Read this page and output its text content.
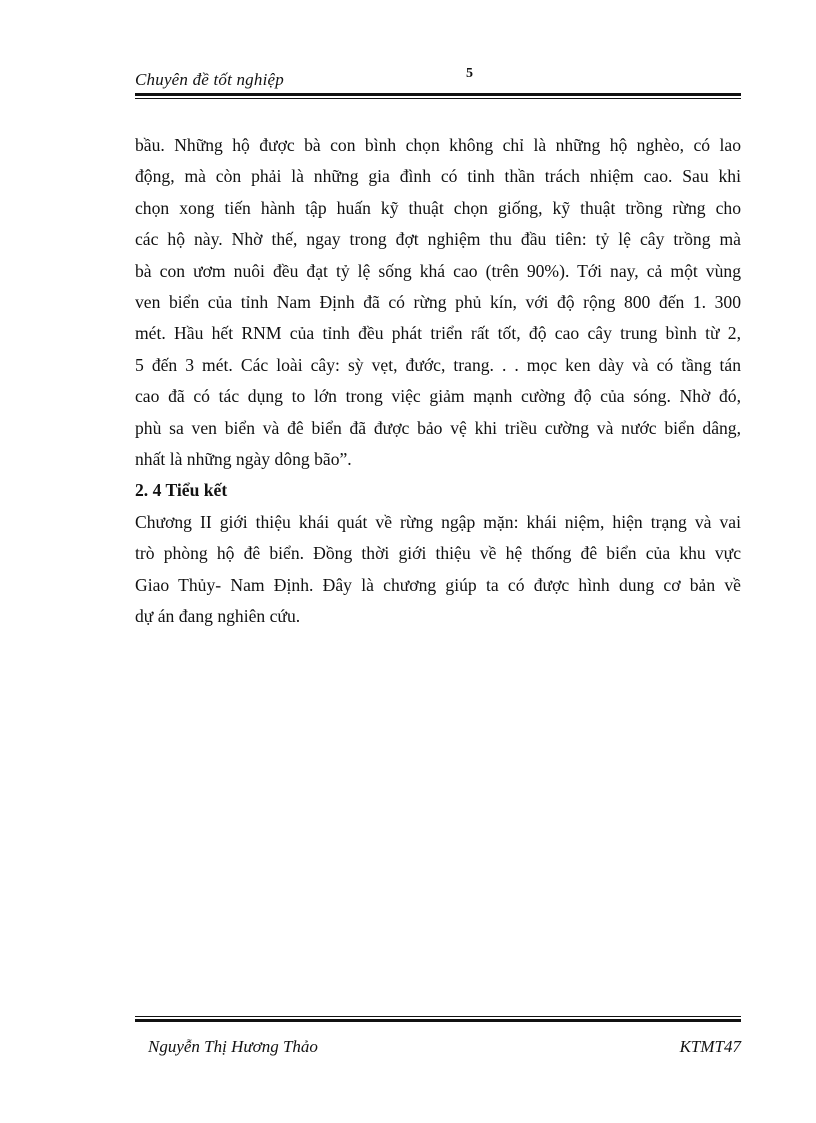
Chuyên đề tốt nghiệp	5

bầu. Những hộ được bà con bình chọn không chỉ là những hộ nghèo, có lao
động, mà còn phải là những gia đình có tinh thần trách nhiệm cao. Sau khi
chọn xong tiến hành tập huấn kỹ thuật chọn giống, kỹ thuật trồng rừng cho
các hộ này. Nhờ thế, ngay trong đợt nghiệm thu đầu tiên: tỷ lệ cây trồng mà
bà con ươm nuôi đều đạt tỷ lệ sống khá cao (trên 90%). Tới nay, cả một vùng
ven biển của tỉnh Nam Định đã có rừng phủ kín, với độ rộng 800 đến 1. 300
mét. Hầu hết RNM của tỉnh đều phát triển rất tốt, độ cao cây trung bình từ 2,
5 đến 3 mét. Các loài cây: sỳ vẹt, đước, trang. . . mọc ken dày và có tầng tán
cao đã có tác dụng to lớn trong việc giảm mạnh cường độ của sóng. Nhờ đó,
phù sa ven biển và đê biển đã được bảo vệ khi triều cường và nước biển dâng,
nhất là những ngày dông bão”.

2. 4 Tiểu kết

Chương II giới thiệu khái quát về rừng ngập mặn: khái niệm, hiện trạng và vai
trò phòng hộ đê biển. Đồng thời giới thiệu về hệ thống đê biển của khu vực
Giao Thủy- Nam Định. Đây là chương giúp ta có được hình dung cơ bản về
dự án đang nghiên cứu.

Nguyễn Thị Hương Thảo	KTMT47
